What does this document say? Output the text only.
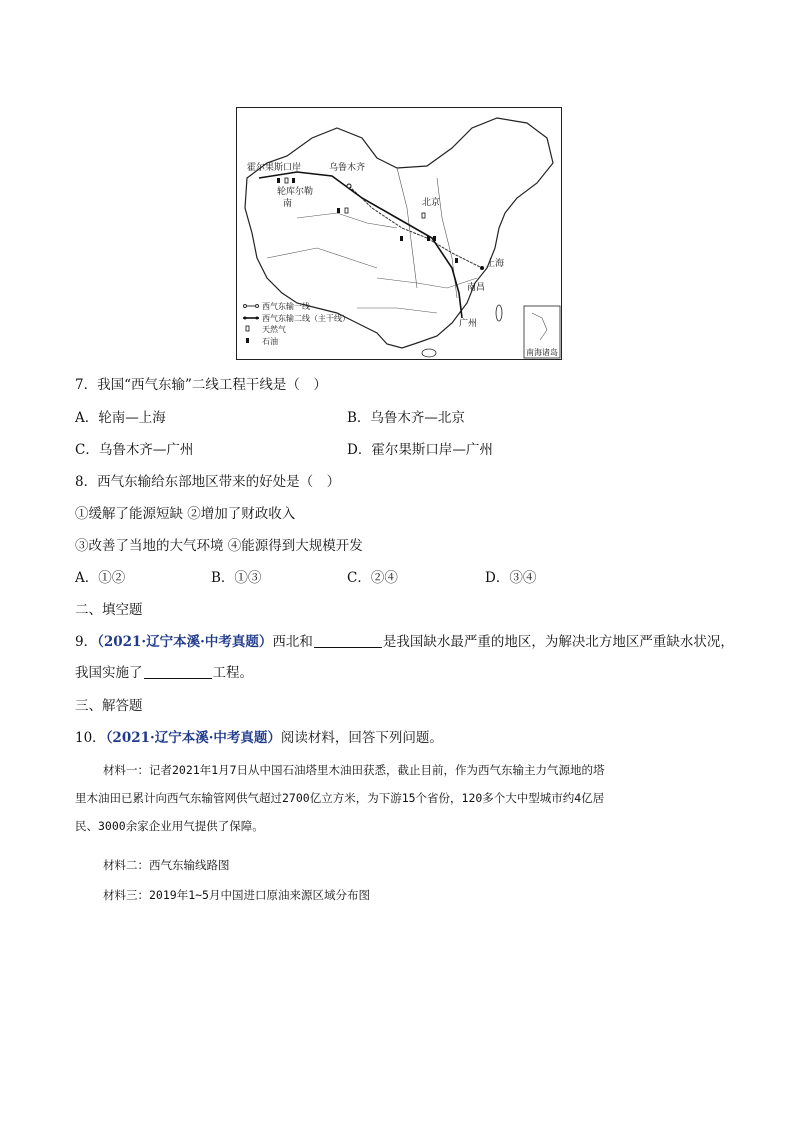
霍尔果斯口岸	乌鲁木齐
轮库尔勒
南	北京
上海
南昌
广州
西气东输一线
西气东输二线（主干线）
天然气
石油
南海诸岛
7．我国“西气东输”二线工程干线是（　）
A．轮南—上海	B．乌鲁木齐—北京
C．乌鲁木齐—广州	D．霍尔果斯口岸—广州
8．西气东输给东部地区带来的好处是（　）
①缓解了能源短缺 ②增加了财政收入
③改善了当地的大气环境 ④能源得到大规模开发
A．①②	B．①③	C．②④	D．③④
二、填空题
9．（2021·辽宁本溪·中考真题）西北和	是我国缺水最严重的地区，为解决北方地区严重缺水状况，
我国实施了	工程。
三、解答题
10．（2021·辽宁本溪·中考真题）阅读材料，回答下列问题。
材料一：记者2021年1月7日从中国石油塔里木油田获悉，截止目前，作为西气东输主力气源地的塔
里木油田已累计向西气东输管网供气超过2700亿立方米，为下游15个省份，120多个大中型城市约4亿居
民、3000余家企业用气提供了保障。
材料二：西气东输线路图
材料三：2019年1~5月中国进口原油来源区域分布图
